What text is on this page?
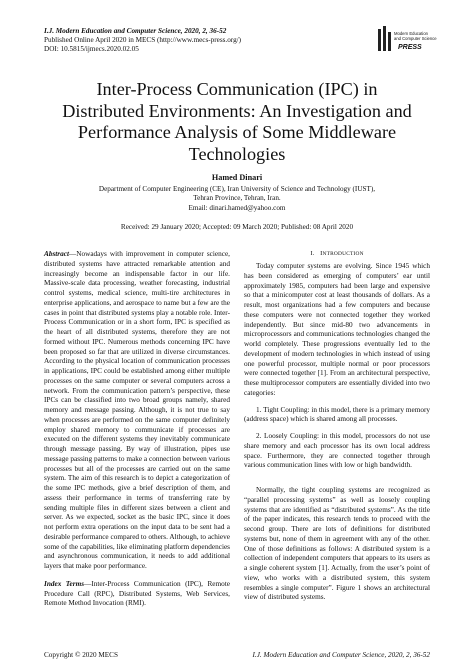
I.J. Modern Education and Computer Science, 2020, 2, 36-52
Published Online April 2020 in MECS (http://www.mecs-press.org/)
DOI: 10.5815/ijmecs.2020.02.05
Modern Education
and Computer Science
PRESS
Inter-Process Communication (IPC) in
Distributed Environments: An Investigation and
Performance Analysis of Some Middleware
Technologies
Hamed Dinari
Department of Computer Engineering (CE), Iran University of Science and Technology (IUST),
Tehran Province, Tehran, Iran.
Email: dinari.hamed@yahoo.com
Received: 29 January 2020; Accepted: 09 March 2020; Published: 08 April 2020

Abstract—Nowadays with improvement in computer science, distributed systems have attracted remarkable attention and increasingly become an indispensable factor in our life. Massive-scale data processing, weather forecasting, industrial control systems, medical science, multi-tire architectures in enterprise applications, and aerospace to name but a few are the cases in point that distributed systems play a notable role. Inter-Process Communication or in a short form, IPC is specified as the heart of all distributed systems, therefore they are not formed without IPC. Numerous methods concerning IPC have been proposed so far that are utilized in diverse circumstances. According to the physical location of communication processes in applications, IPC could be established among either multiple processes on the same computer or several computers across a network. From the communication pattern’s perspective, these IPCs can be classified into two broad groups namely, shared memory and message passing. Although, it is not true to say when processes are performed on the same computer definitely employ shared memory to communicate if processes are executed on the different systems they inevitably communicate through message passing. By way of illustration, pipes use message passing patterns to make a connection between various processes but all of the processes are carried out on the same system. The aim of this research is to depict a categorization of the some IPC methods, give a brief description of them, and assess their performance in terms of transferring rate by sending multiple files in different sizes between a client and server. As we expected, socket as the basic IPC, since it does not perform extra operations on the input data to be sent had a desirable performance compared to others. Although, to achieve some of the capabilities, like eliminating platform dependencies and asynchronous communication, it needs to add additional layers that make poor performance.

Index Terms—Inter-Process Communication (IPC), Remote Procedure Call (RPC), Distributed Systems, Web Services, Remote Method Invocation (RMI).

I. INTRODUCTION

Today computer systems are evolving. Since 1945 which has been considered as emerging of computers’ ear until approximately 1985, computers had been large and expensive so that a minicomputer cost at least thousands of dollars. As a result, most organizations had a few computers and because these computers were not connected together they worked independently. But since mid-80 two advancements in microprocessors and communications technologies changed the world completely. These progressions eventually led to the development of modern technologies in which instead of using one powerful processor, multiple normal or poor processors were connected together [1]. From an architectural perspective, these multiprocessor computers are essentially divided into two categories:

1. Tight Coupling: in this model, there is a primary memory (address space) which is shared among all processes.

2. Loosely Coupling: in this model, processors do not use share memory and each processor has its own local address space. Furthermore, they are connected together through various communication lines with low or high bandwidth.

Normally, the tight coupling systems are recognized as “parallel processing systems” as well as loosely coupling systems that are identified as “distributed systems”. As the title of the paper indicates, this research tends to proceed with the second group. There are lots of definitions for distributed systems but, none of them in agreement with any of the other. One of those definitions as follows: A distributed system is a collection of independent computers that appears to its users as a single coherent system [1]. Actually, from the user’s point of view, who works with a distributed system, this system resembles a single computer”. Figure 1 shows an architectural view of distributed systems.

Copyright © 2020 MECS	I.J. Modern Education and Computer Science, 2020, 2, 36-52
